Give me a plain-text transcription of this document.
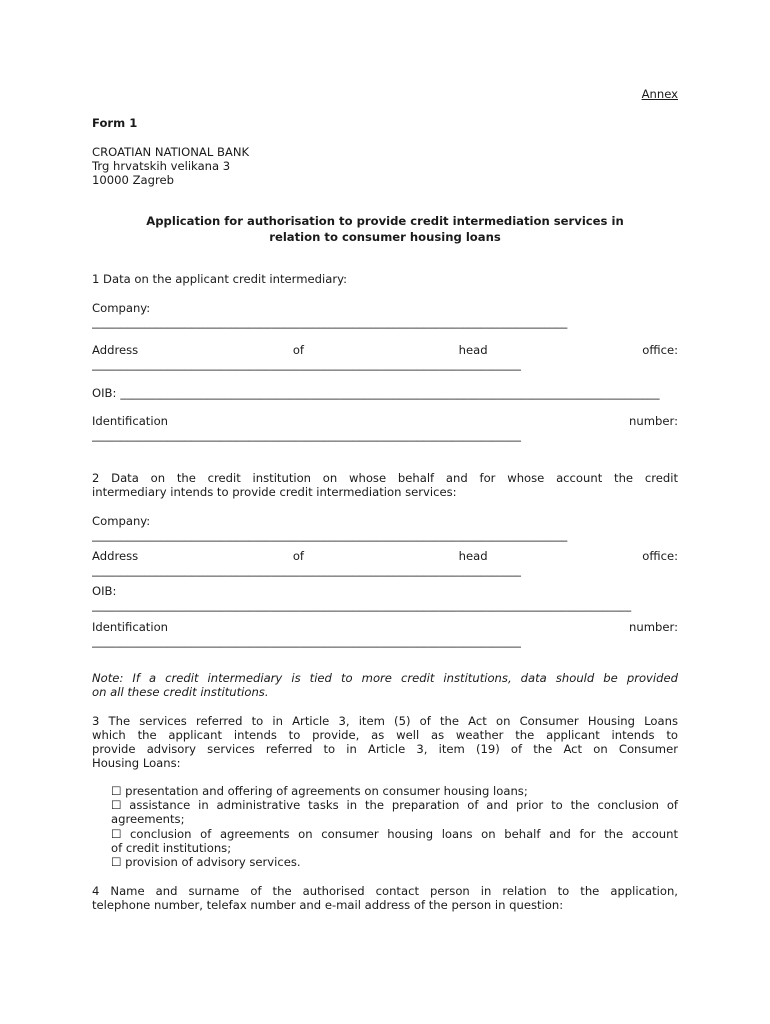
Annex
Form 1
CROATIAN NATIONAL BANK
Trg hrvatskih velikana 3
10000 Zagreb
Application for authorisation to provide credit intermediation services in
relation to consumer housing loans
1 Data on the applicant credit intermediary:
Company:
__________________________________________________________________________________
Address	of	head	office:
__________________________________________________________________________
OIB: _____________________________________________________________________________________________
Identification	number:
__________________________________________________________________________
2 Data on the credit institution on whose behalf and for whose account the credit
intermediary intends to provide credit intermediation services:
Company:
__________________________________________________________________________________
Address	of	head	office:
__________________________________________________________________________
OIB:
_____________________________________________________________________________________________
Identification	number:
__________________________________________________________________________
Note: If a credit intermediary is tied to more credit institutions, data should be provided
on all these credit institutions.
3 The services referred to in Article 3, item (5) of the Act on Consumer Housing Loans
which the applicant intends to provide, as well as weather the applicant intends to
provide advisory services referred to in Article 3, item (19) of the Act on Consumer
Housing Loans:
☐ presentation and offering of agreements on consumer housing loans;
☐ assistance in administrative tasks in the preparation of and prior to the conclusion of
agreements;
☐ conclusion of agreements on consumer housing loans on behalf and for the account
of credit institutions;
☐ provision of advisory services.
4 Name and surname of the authorised contact person in relation to the application,
telephone number, telefax number and e-mail address of the person in question:
